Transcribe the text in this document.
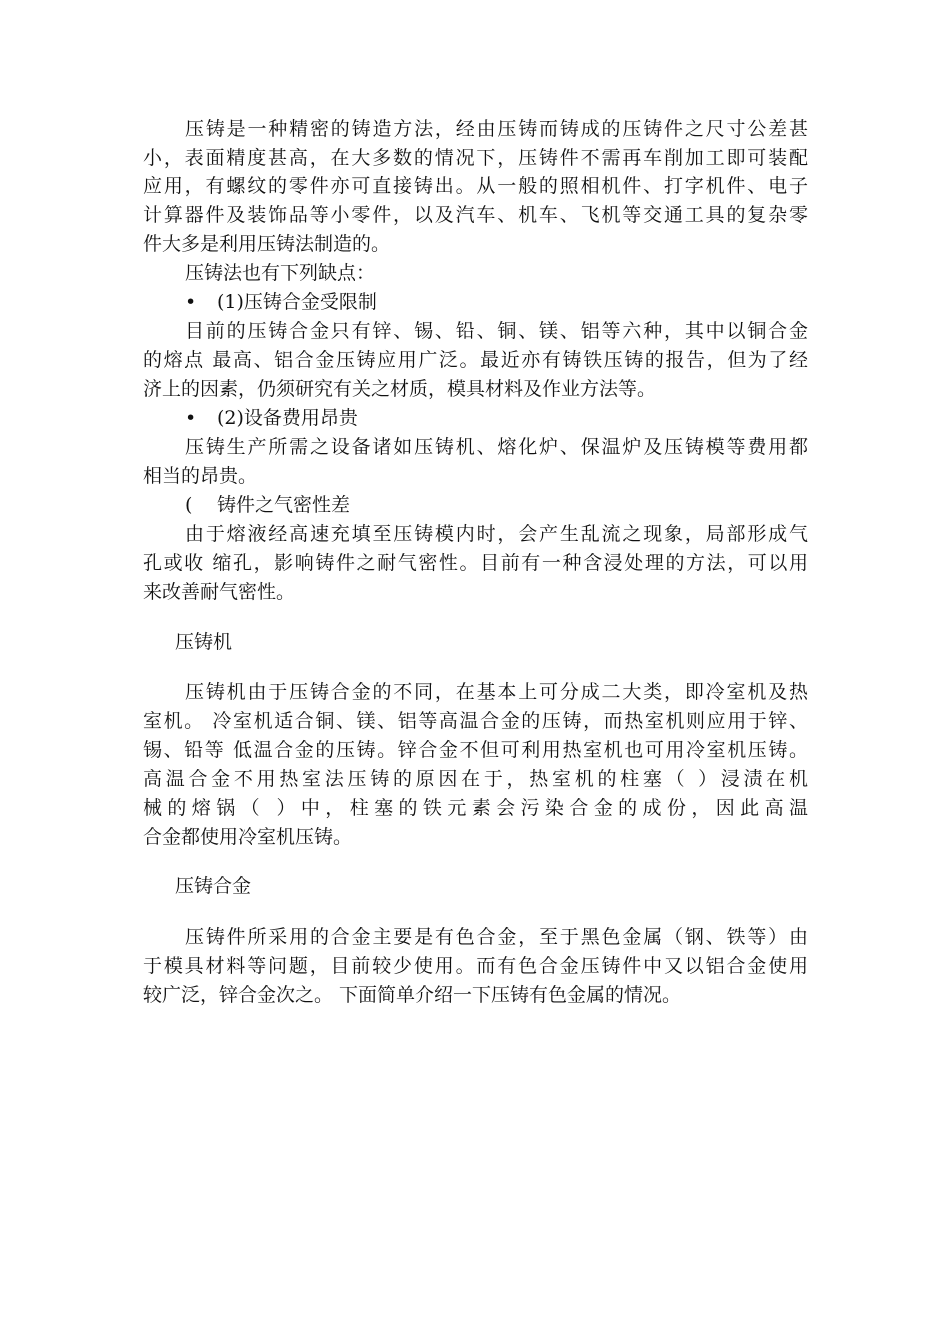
压铸是一种精密的铸造方法，经由压铸而铸成的压铸件之尺寸公差甚
小，表面精度甚高，在大多数的情况下，压铸件不需再车削加工即可装配
应用，有螺纹的零件亦可直接铸出。从一般的照相机件、打字机件、电子
计算器件及装饰品等小零件，以及汽车、机车、飞机等交通工具的复杂零
件大多是利用压铸法制造的。
压铸法也有下列缺点：
• (1)压铸合金受限制
目前的压铸合金只有锌、锡、铅、铜、镁、铝等六种，其中以铜合金
的熔点 最高、铝合金压铸应用广泛。最近亦有铸铁压铸的报告，但为了经
济上的因素，仍须研究有关之材质，模具材料及作业方法等。
• (2)设备费用昂贵
压铸生产所需之设备诸如压铸机、熔化炉、保温炉及压铸模等费用都
相当的昂贵。
( 铸件之气密性差
由于熔液经高速充填至压铸模内时，会产生乱流之现象，局部形成气
孔或收 缩孔，影响铸件之耐气密性。目前有一种含浸处理的方法，可以用
来改善耐气密性。
压铸机
压铸机由于压铸合金的不同，在基本上可分成二大类，即冷室机及热
室机。 冷室机适合铜、镁、铝等高温合金的压铸，而热室机则应用于锌、
锡、铅等 低温合金的压铸。锌合金不但可利用热室机也可用冷室机压铸。
高温合金不用热室法压铸的原因在于，热室机的柱塞（ ）浸渍在机
械的熔锅（ ）中，柱塞的铁元素会污染合金的成份，因此高温
合金都使用冷室机压铸。
压铸合金
压铸件所采用的合金主要是有色合金，至于黑色金属（钢、铁等）由
于模具材料等问题，目前较少使用。而有色合金压铸件中又以铝合金使用
较广泛，锌合金次之。 下面简单介绍一下压铸有色金属的情况。
